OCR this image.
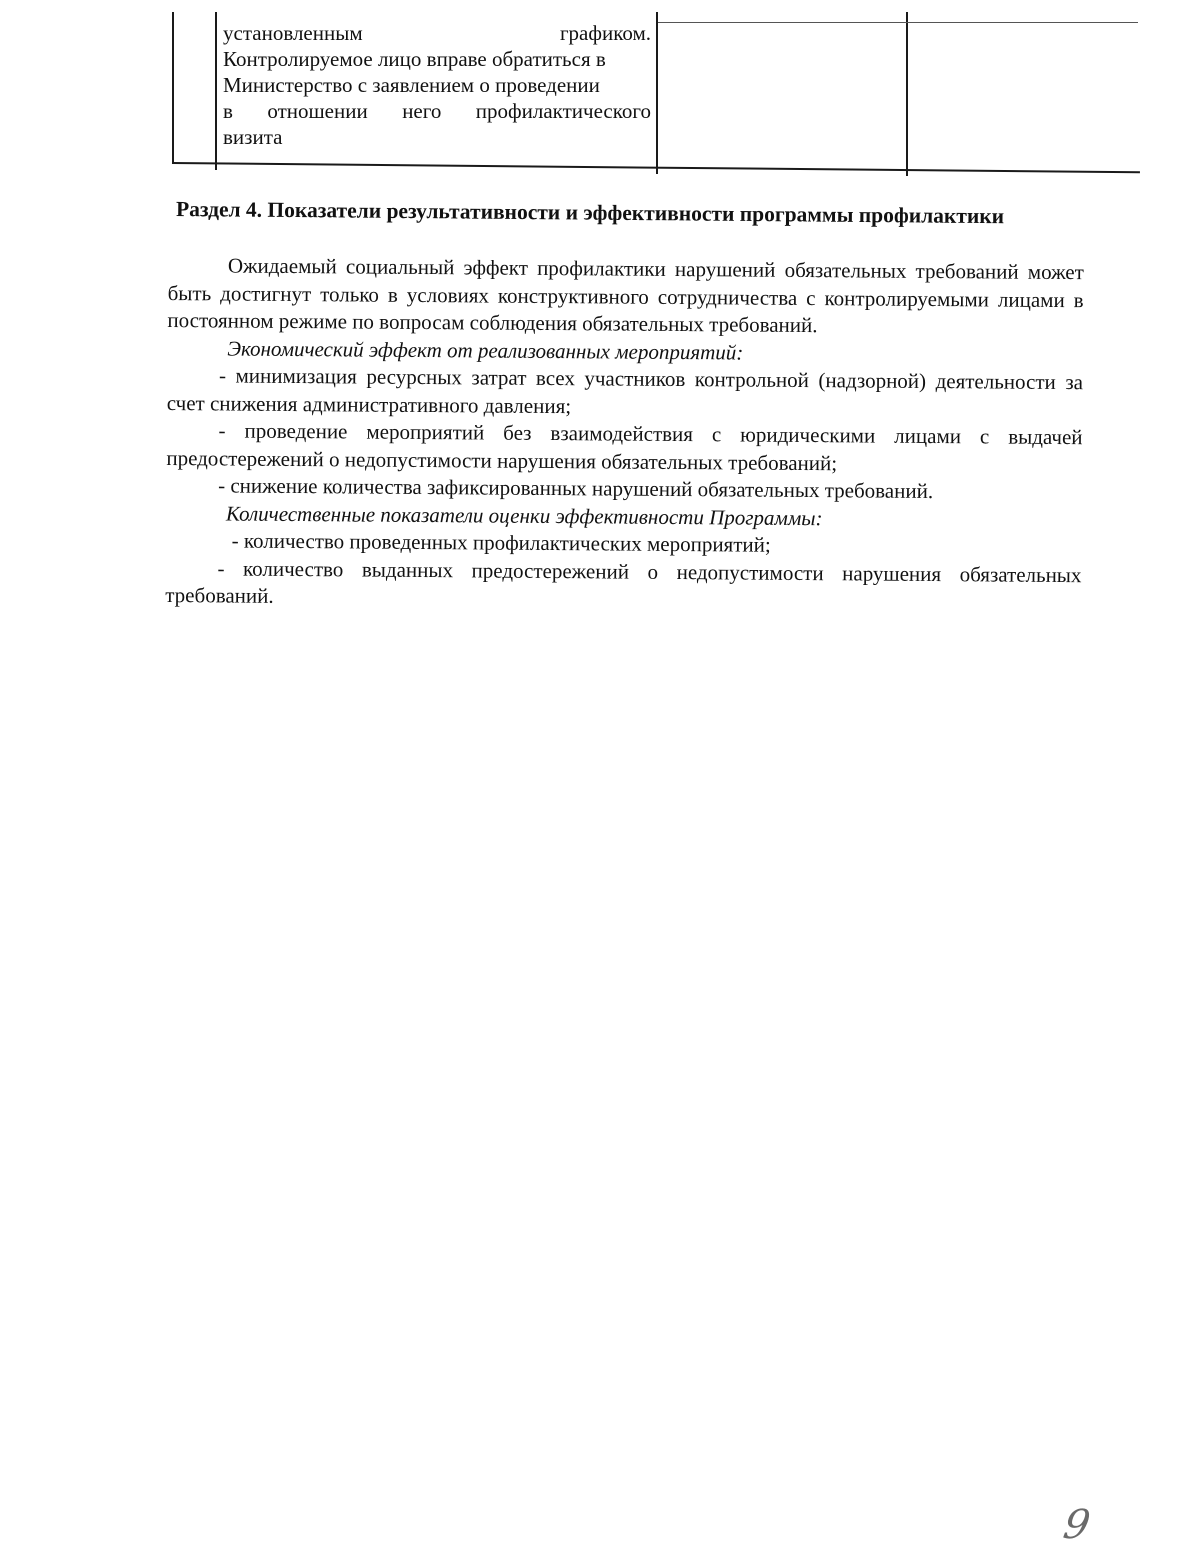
установленным	графиком.
Контролируемое лицо вправе обратиться в
Министерство с заявлением о проведении
в отношении него профилактического
визита
Раздел 4. Показатели результативности и эффективности программы профилактики

Ожидаемый социальный эффект профилактики нарушений обязательных требований может быть достигнут только в условиях конструктивного сотрудничества с контролируемыми лицами в постоянном режиме по вопросам соблюдения обязательных требований.

Экономический эффект от реализованных мероприятий:

- минимизация ресурсных затрат всех участников контрольной (надзорной) деятельности за счет снижения административного давления;

- проведение мероприятий без взаимодействия с юридическими лицами с выдачей предостережений о недопустимости нарушения обязательных требований;

- снижение количества зафиксированных нарушений обязательных требований.

Количественные показатели оценки эффективности Программы:

- количество проведенных профилактических мероприятий;

- количество выданных предостережений о недопустимости нарушения обязательных требований.

9
